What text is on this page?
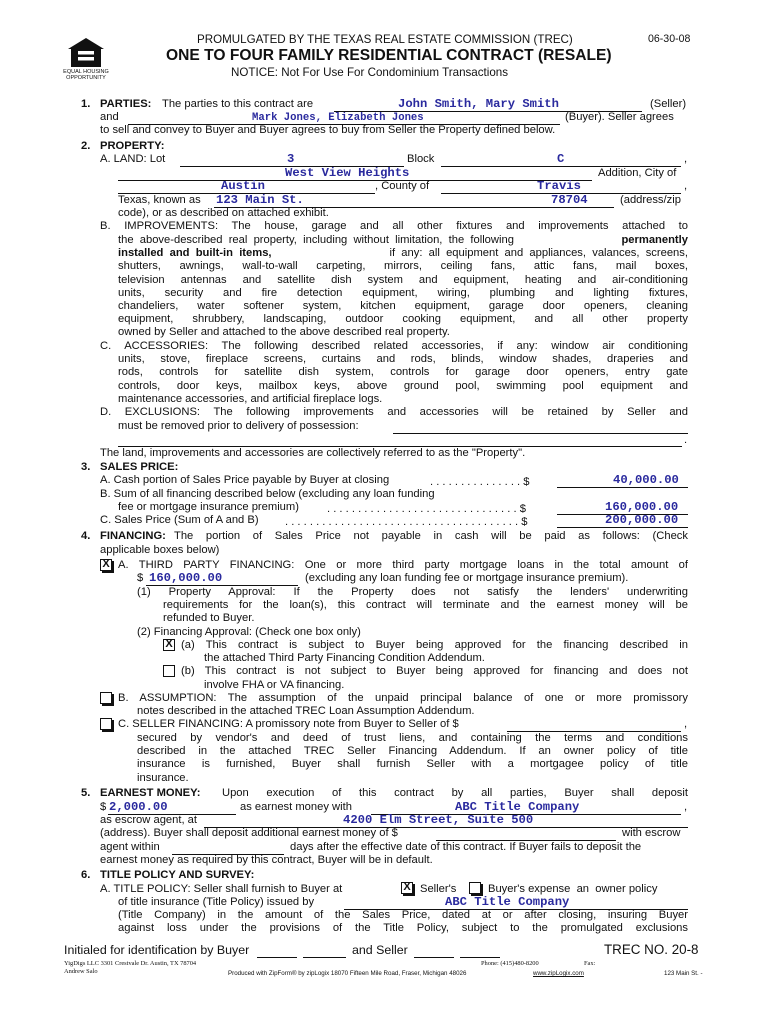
EQUAL HOUSING
OPPORTUNITY
PROMULGATED BY THE TEXAS REAL ESTATE COMMISSION (TREC)	06-30-08
ONE TO FOUR FAMILY RESIDENTIAL CONTRACT (RESALE)
NOTICE: Not For Use For Condominium Transactions
1. PARTIES: The parties to this contract are	John Smith, Mary Smith	(Seller)
and	Mark Jones, Elizabeth Jones	(Buyer). Seller agrees
to sell and convey to Buyer and Buyer agrees to buy from Seller the Property defined below.
2. PROPERTY:
A. LAND: Lot	3	Block	C	,
West View Heights	Addition, City of
Austin	, County of	Travis	,
Texas, known as 123 Main St.	78704	(address/zip
code), or as described on attached exhibit.
B. IMPROVEMENTS: The house, garage and all other fixtures and improvements attached to
the  above-described  real  property,  including  without  limitation,  the  following	permanently
installed  and  built-in  items,	if  any:  all  equipment  and  appliances,  valances,  screens,
shutters, awnings, wall-to-wall carpeting, mirrors, ceiling fans, attic fans, mail boxes,
television antennas and satellite dish system and equipment, heating and air-conditioning
units, security and fire detection equipment, wiring, plumbing and lighting fixtures,
chandeliers, water softener system, kitchen equipment, garage door openers, cleaning
equipment, shrubbery, landscaping, outdoor cooking equipment, and all other property
owned by Seller and attached to the above described real property.
C. ACCESSORIES: The following described related accessories, if any: window air conditioning
units, stove, fireplace screens, curtains and rods, blinds, window shades, draperies and
rods, controls for satellite dish system, controls for garage door openers, entry gate
controls, door keys, mailbox keys, above ground pool, swimming pool equipment and
maintenance accessories, and artificial fireplace logs.
D. EXCLUSIONS: The following improvements and accessories will be retained by Seller and
must be removed prior to delivery of possession:
.
The land, improvements and accessories are collectively referred to as the "Property".
3. SALES PRICE:
A. Cash portion of Sales Price payable by Buyer at closing	. . . . . . . . . . . . . . . $	40,000.00
B. Sum of all financing described below (excluding any loan funding
fee or mortgage insurance premium)	. . . . . . . . . . . . . . . . . . . . . . . . . . . . . . . $	160,000.00
C. Sales Price (Sum of A and B) . . . . . . . . . . . . . . . . . . . . . . . . . . . . . . . . . . . . . . $	200,000.00
4. FINANCING: The portion of Sales Price not payable in cash will be paid as follows: (Check
applicable boxes below)
X
A. THIRD PARTY FINANCING: One or more third party mortgage loans in the total amount of
$ 160,000.00	(excluding any loan funding fee or mortgage insurance premium).
(1) Property Approval: If the Property does not satisfy the lenders' underwriting
requirements for the loan(s), this contract will terminate and the earnest money will be
refunded to Buyer.
(2) Financing Approval: (Check one box only)
X
(a) This contract is subject to Buyer being approved for the financing described in
the attached Third Party Financing Condition Addendum.
(b) This contract is not subject to Buyer being approved for financing and does not
involve FHA or VA financing.
B. ASSUMPTION: The assumption of the unpaid principal balance of one or more promissory
notes described in the attached TREC Loan Assumption Addendum.
C. SELLER FINANCING: A promissory note from Buyer to Seller of $	,
secured by vendor's and deed of trust liens, and containing the terms and conditions
described in the attached TREC Seller Financing Addendum. If an owner policy of title
insurance is furnished, Buyer shall furnish Seller with a mortgagee policy of title
insurance.
5. EARNEST MONEY: Upon execution of this contract by all parties, Buyer shall deposit
$ 2,000.00	as earnest money with	ABC Title Company	,
as escrow agent, at	4200 Elm Street, Suite 500
(address). Buyer shall deposit additional earnest money of $	with escrow
agent within	days after the effective date of this contract. If Buyer fails to deposit the
earnest money as required by this contract, Buyer will be in default.
6. TITLE POLICY AND SURVEY:
A. TITLE POLICY: Seller shall furnish to Buyer at
X	Seller's	Buyer's expense  an  owner policy
of title insurance (Title Policy) issued by	ABC Title Company
(Title Company) in the amount of the Sales Price, dated at or after closing, insuring Buyer
against loss under the provisions of the Title Policy, subject to the promulgated exclusions
Initialed for identification by Buyer	and Seller	TREC NO. 20-8
YigDigs LLC 3301 Crestvale Dr. Austin, TX 78704	Phone: (415)480-8200	Fax:
Andrew Salo	Produced with ZipForm® by zipLogix 18070 Fifteen Mile Road, Fraser, Michigan 48026	www.zipLogix.com	123 Main St. -
